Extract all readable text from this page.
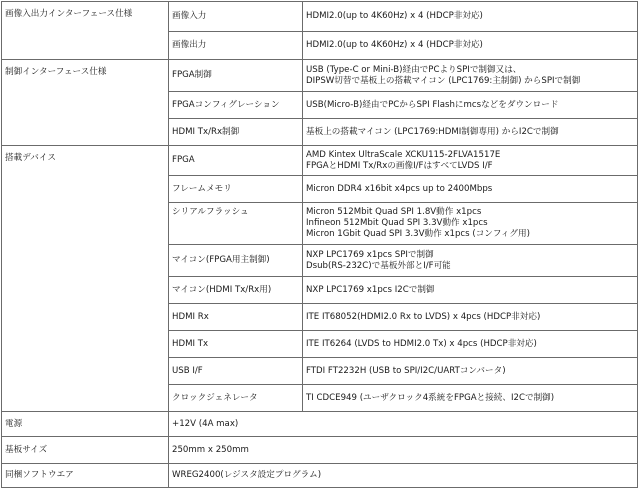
画像入出力インターフェース仕様	画像入力	HDMI2.0(up to 4K60Hz) x 4 (HDCP非対応)
	画像出力	HDMI2.0(up to 4K60Hz) x 4 (HDCP非対応)
制御インターフェース仕様	FPGA制御	USB (Type-C or Mini-B)経由でPCよりSPIで制御又は、
DIPSW切替で基板上の搭載マイコン (LPC1769:主制御) からSPIで制御
	FPGAコンフィグレーション	USB(Micro-B)経由でPCからSPI Flashにmcsなどをダウンロード
	HDMI Tx/Rx制御	基板上の搭載マイコン (LPC1769:HDMI制御専用) からI2Cで制御
搭載デバイス	FPGA	AMD Kintex UltraScale XCKU115-2FLVA1517E
FPGAとHDMI Tx/Rxの画像I/FはすべてLVDS I/F
	フレームメモリ	Micron DDR4 x16bit x4pcs up to 2400Mbps
	シリアルフラッシュ	Micron 512Mbit Quad SPI 1.8V動作 x1pcs
Infineon 512Mbit Quad SPI 3.3V動作 x1pcs
Micron 1Gbit Quad SPI 3.3V動作 x1pcs (コンフィグ用)
	マイコン(FPGA用主制御)	NXP LPC1769 x1pcs SPIで制御
Dsub(RS-232C)で基板外部とI/F可能
	マイコン(HDMI Tx/Rx用)	NXP LPC1769 x1pcs I2Cで制御
	HDMI Rx	ITE IT68052(HDMI2.0 Rx to LVDS) x 4pcs (HDCP非対応)
	HDMI Tx	ITE IT6264 (LVDS to HDMI2.0 Tx) x 4pcs (HDCP非対応)
	USB I/F	FTDI FT2232H (USB to SPI/I2C/UARTコンバータ)
	クロックジェネレータ	TI CDCE949 (ユーザクロック4系統をFPGAと接続、I2Cで制御)
電源	+12V (4A max)	
基板サイズ	250mm x 250mm	
同梱ソフトウエア	WREG2400(レジスタ設定プログラム)	
